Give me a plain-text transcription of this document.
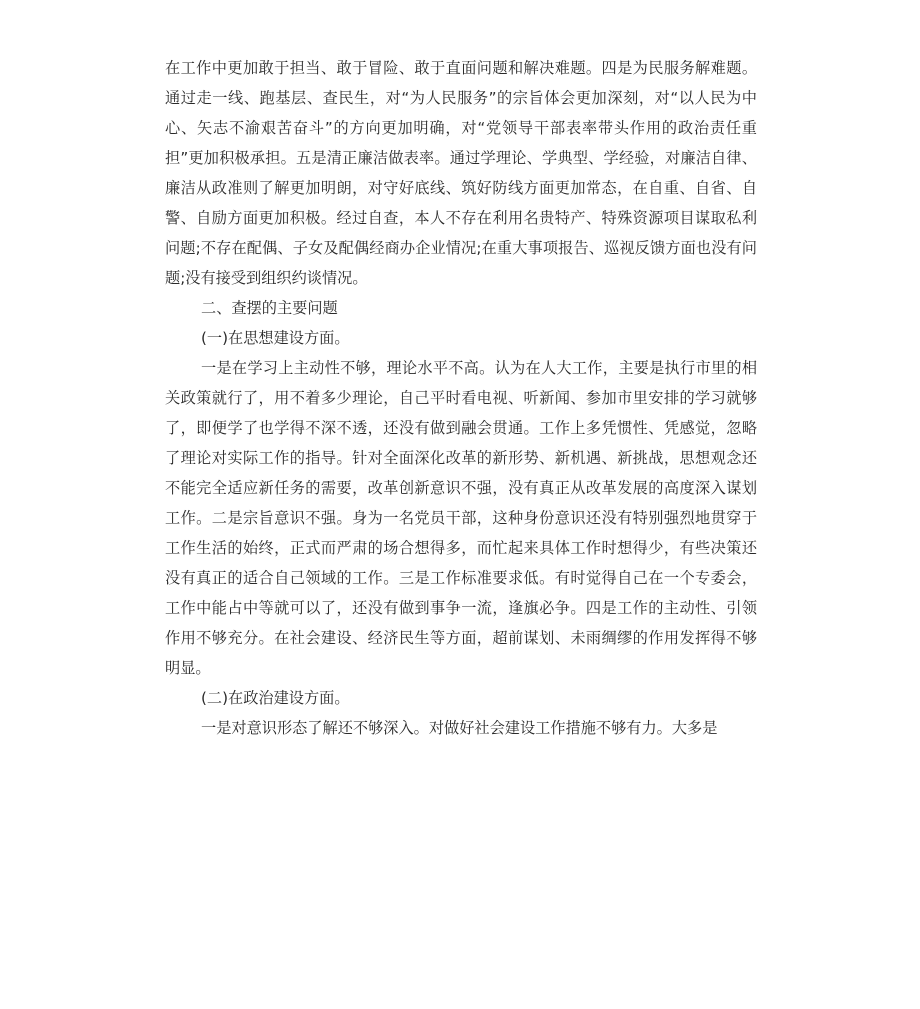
在工作中更加敢于担当、敢于冒险、敢于直面问题和解决难题。四是为民服务解难题。通过走一线、跑基层、查民生，对“为人民服务”的宗旨体会更加深刻，对“以人民为中心、矢志不渝艰苦奋斗”的方向更加明确，对“党领导干部表率带头作用的政治责任重担”更加积极承担。五是清正廉洁做表率。通过学理论、学典型、学经验，对廉洁自律、廉洁从政准则了解更加明朗，对守好底线、筑好防线方面更加常态，在自重、自省、自警、自励方面更加积极。经过自查，本人不存在利用名贵特产、特殊资源项目谋取私利问题;不存在配偶、子女及配偶经商办企业情况;在重大事项报告、巡视反馈方面也没有问题;没有接受到组织约谈情况。

二、查摆的主要问题

(一)在思想建设方面。

一是在学习上主动性不够，理论水平不高。认为在人大工作，主要是执行市里的相关政策就行了，用不着多少理论，自己平时看电视、听新闻、参加市里安排的学习就够了，即便学了也学得不深不透，还没有做到融会贯通。工作上多凭惯性、凭感觉，忽略了理论对实际工作的指导。针对全面深化改革的新形势、新机遇、新挑战，思想观念还不能完全适应新任务的需要，改革创新意识不强，没有真正从改革发展的高度深入谋划工作。二是宗旨意识不强。身为一名党员干部，这种身份意识还没有特别强烈地贯穿于工作生活的始终，正式而严肃的场合想得多，而忙起来具体工作时想得少，有些决策还没有真正的适合自己领域的工作。三是工作标准要求低。有时觉得自己在一个专委会，工作中能占中等就可以了，还没有做到事争一流，逢旗必争。四是工作的主动性、引领作用不够充分。在社会建设、经济民生等方面，超前谋划、未雨绸缪的作用发挥得不够明显。

(二)在政治建设方面。

一是对意识形态了解还不够深入。对做好社会建设工作措施不够有力。大多是
